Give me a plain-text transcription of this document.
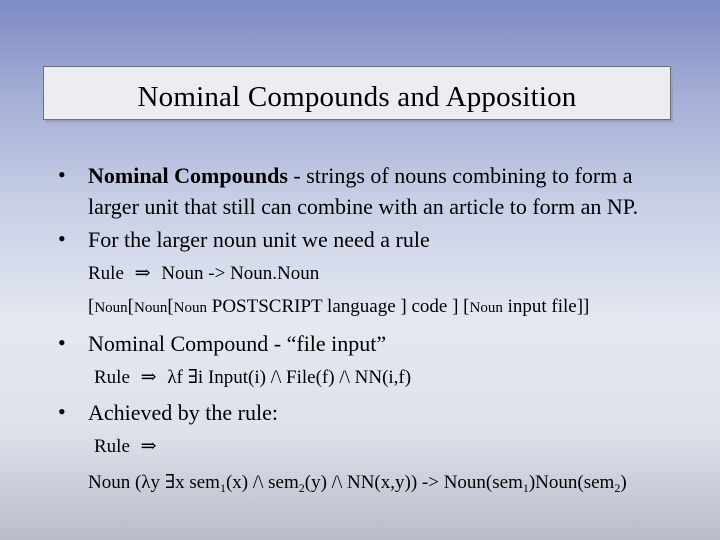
Nominal Compounds and Apposition
• Nominal Compounds - strings of nouns combining to form a
larger unit that still can combine with an article to form an NP.
• For the larger noun unit we need a rule
Rule ⇒ Noun -> Noun.Noun
[Noun[Noun[Noun POSTSCRIPT language ] code ] [Noun input file]]
• Nominal Compound - “file input”
Rule ⇒ λf ∃i Input(i) /\ File(f) /\ NN(i,f)
• Achieved by the rule:
Rule ⇒
Noun (λy ∃x sem$_1$(x) /\ sem$_2$(y) /\ NN(x,y)) -> Noun(sem$_1$)Noun(sem$_2$)
